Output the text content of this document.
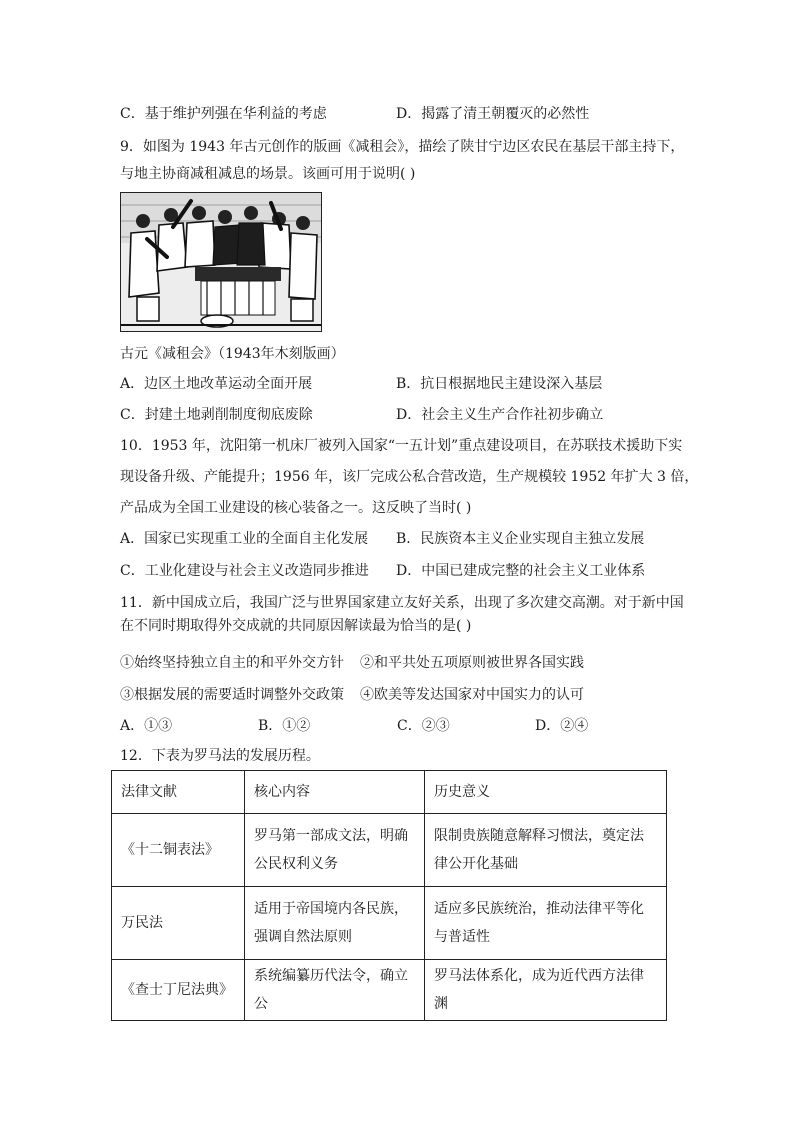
C．基于维护列强在华利益的考虑	D．揭露了清王朝覆灭的必然性
9．如图为 1943 年古元创作的版画《减租会》，描绘了陕甘宁边区农民在基层干部主持下，
与地主协商减租减息的场景。该画可用于说明( )
古元《减租会》（1943年木刻版画）
A．边区土地改革运动全面开展	B．抗日根据地民主建设深入基层
C．封建土地剥削制度彻底废除	D．社会主义生产合作社初步确立
10．1953 年，沈阳第一机床厂被列入国家“一五计划”重点建设项目，在苏联技术援助下实
现设备升级、产能提升；1956 年，该厂完成公私合营改造，生产规模较 1952 年扩大 3 倍，
产品成为全国工业建设的核心装备之一。这反映了当时( )
A．国家已实现重工业的全面自主化发展 B．民族资本主义企业实现自主独立发展
C．工业化建设与社会主义改造同步推进 D．中国已建成完整的社会主义工业体系
11．新中国成立后，我国广泛与世界国家建立友好关系，出现了多次建交高潮。对于新中国
在不同时期取得外交成就的共同原因解读最为恰当的是( )
①始终坚持独立自主的和平外交方针 ②和平共处五项原则被世界各国实践
③根据发展的需要适时调整外交政策 ④欧美等发达国家对中国实力的认可
A．①③	B．①②	C．②③	D．②④
12．下表为罗马法的发展历程。
法律文献	核心内容	历史意义
《十二铜表法》	罗马第一部成文法，明确公民权利义务	限制贵族随意解释习惯法，奠定法律公开化基础
万民法	适用于帝国境内各民族，强调自然法原则	适应多民族统治，推动法律平等化与普适性
《查士丁尼法典》	系统编纂历代法令，确立公	罗马法体系化，成为近代西方法律渊
